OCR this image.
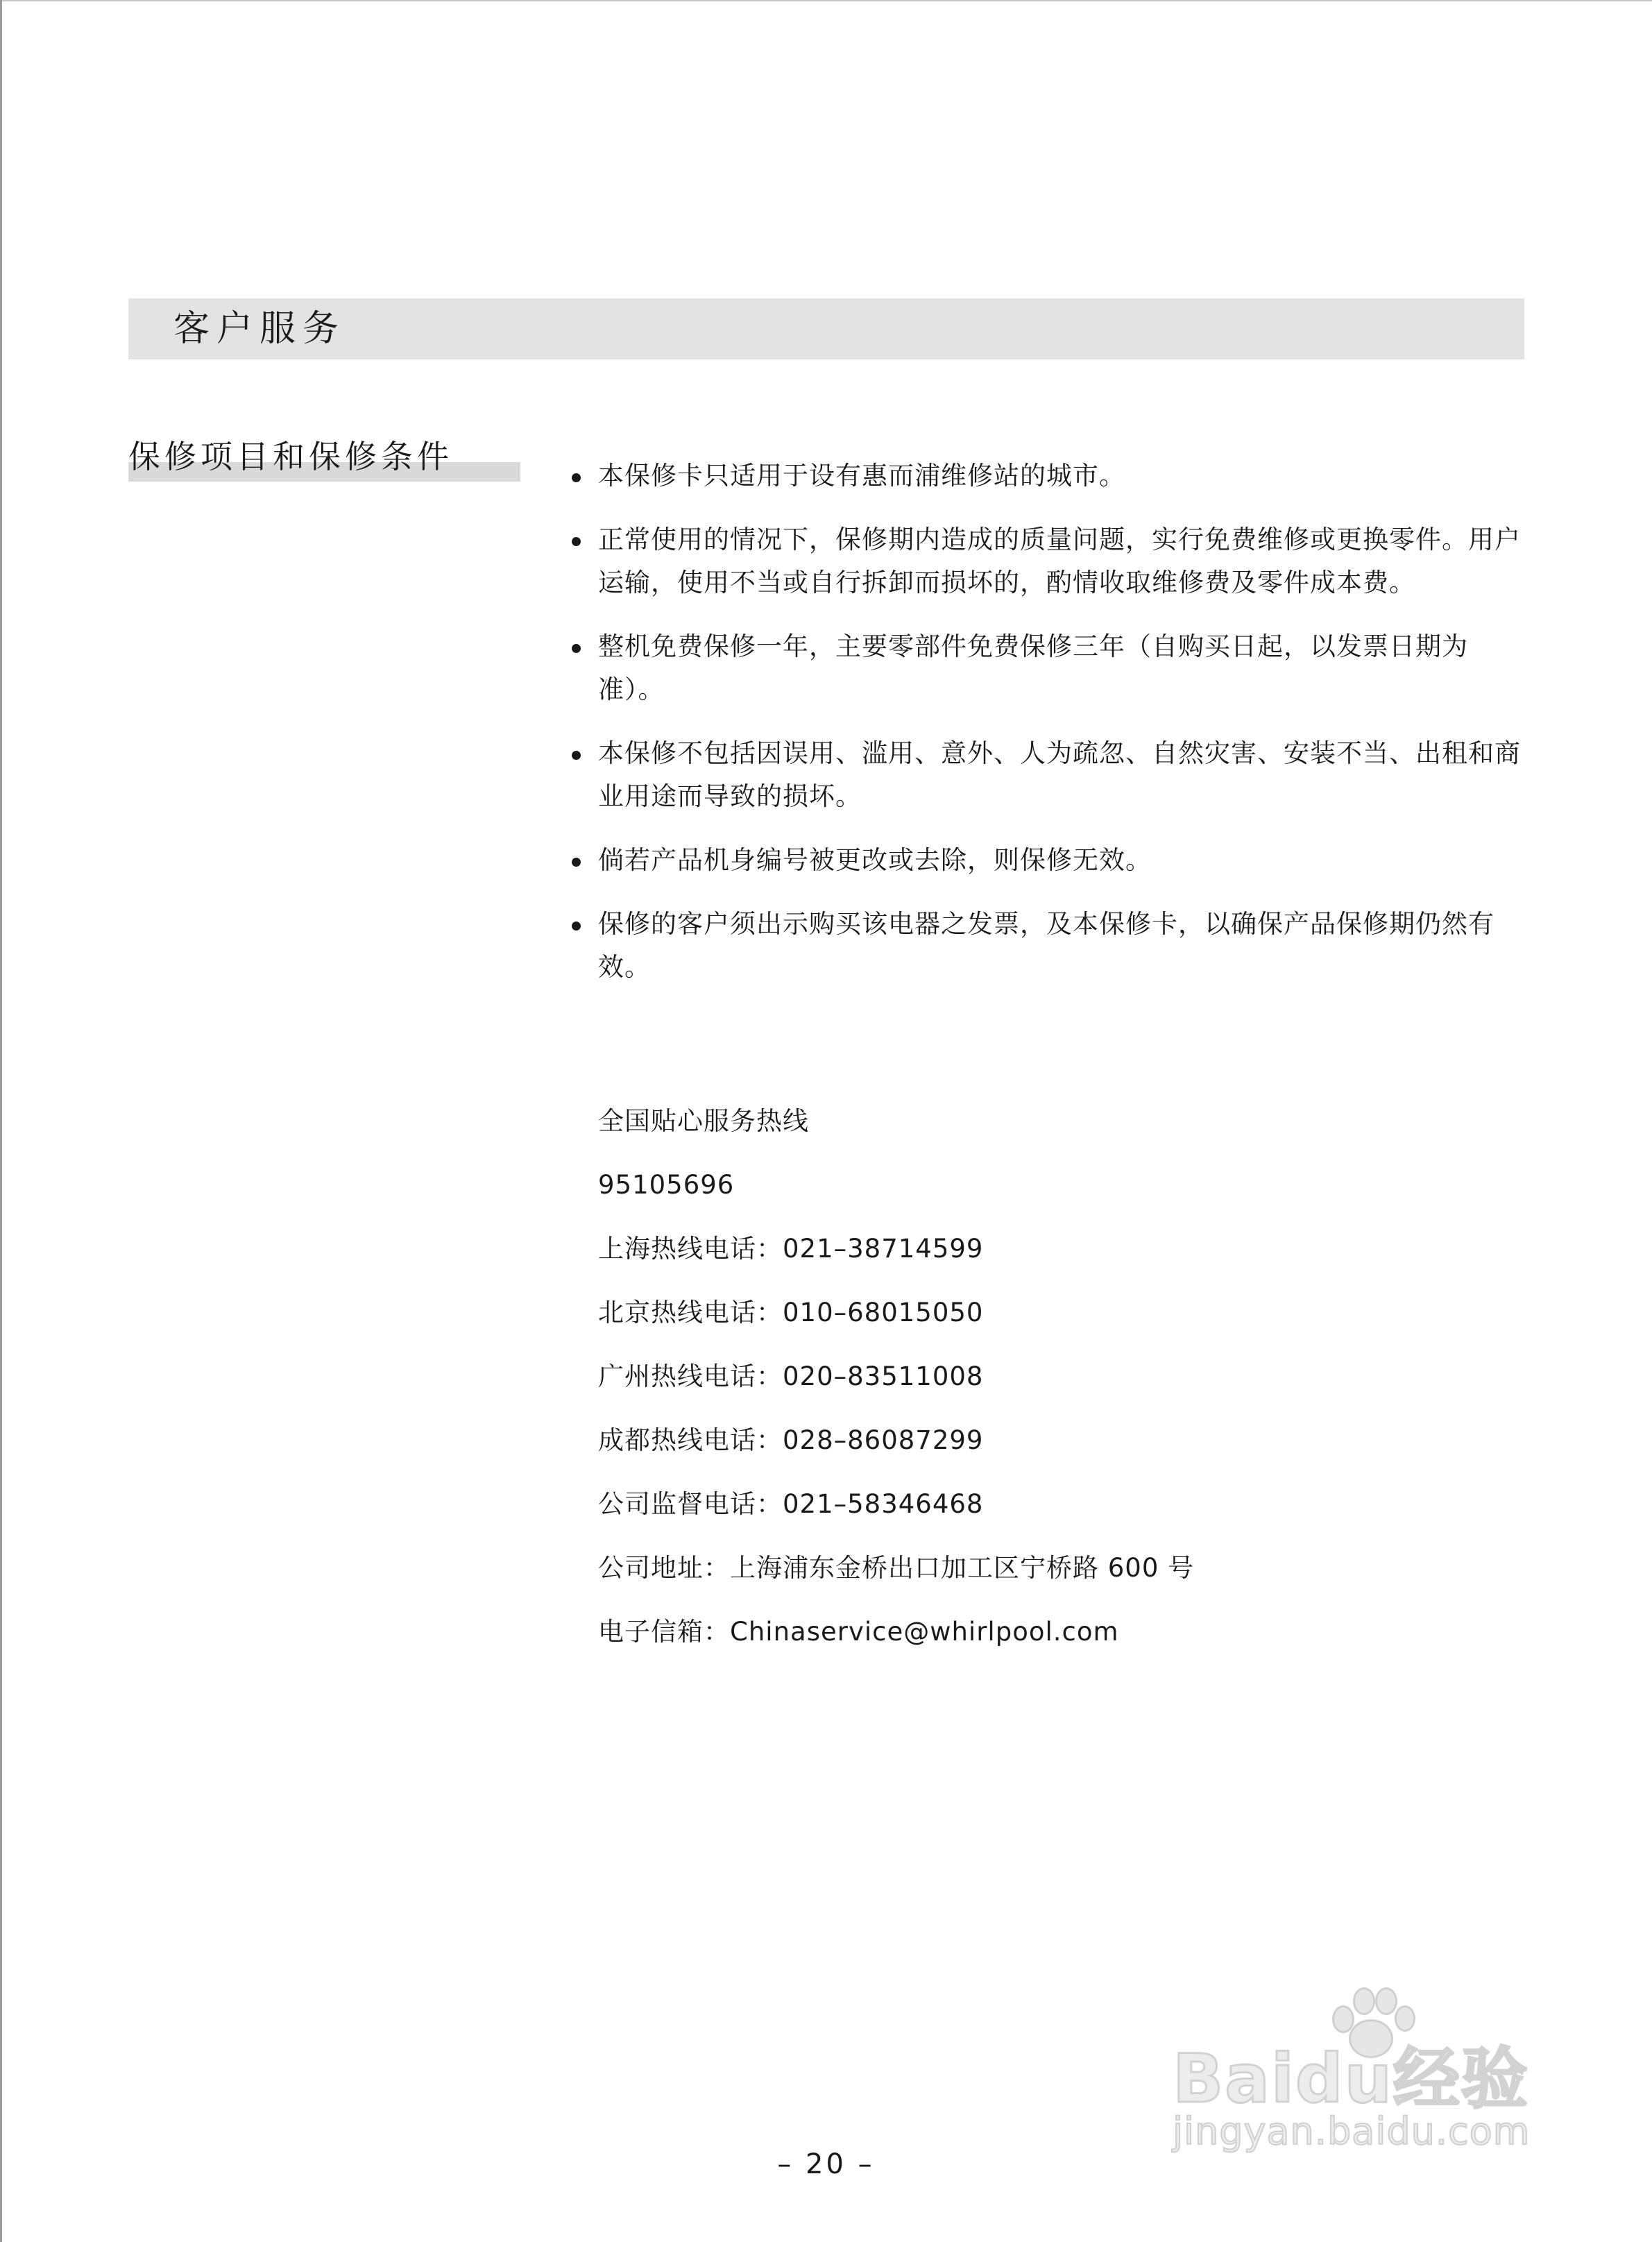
客户服务
保修项目和保修条件
本保修卡只适用于设有惠而浦维修站的城市。
正常使用的情况下，保修期内造成的质量问题，实行免费维修或更换零件。用户运输，使用不当或自行拆卸而损坏的，酌情收取维修费及零件成本费。
整机免费保修一年，主要零部件免费保修三年（自购买日起，以发票日期为准）。
本保修不包括因误用、滥用、意外、人为疏忽、自然灾害、安装不当、出租和商业用途而导致的损坏。
倘若产品机身编号被更改或去除，则保修无效。
保修的客户须出示购买该电器之发票，及本保修卡，以确保产品保修期仍然有效。
全国贴心服务热线
95105696
上海热线电话：021–38714599
北京热线电话：010–68015050
广州热线电话：020–83511008
成都热线电话：028–86087299
公司监督电话：021–58346468
公司地址：上海浦东金桥出口加工区宁桥路 600 号
电子信箱：Chinaservice@whirlpool.com
Baidu经验
jingyan.baidu.com
– 20 –
